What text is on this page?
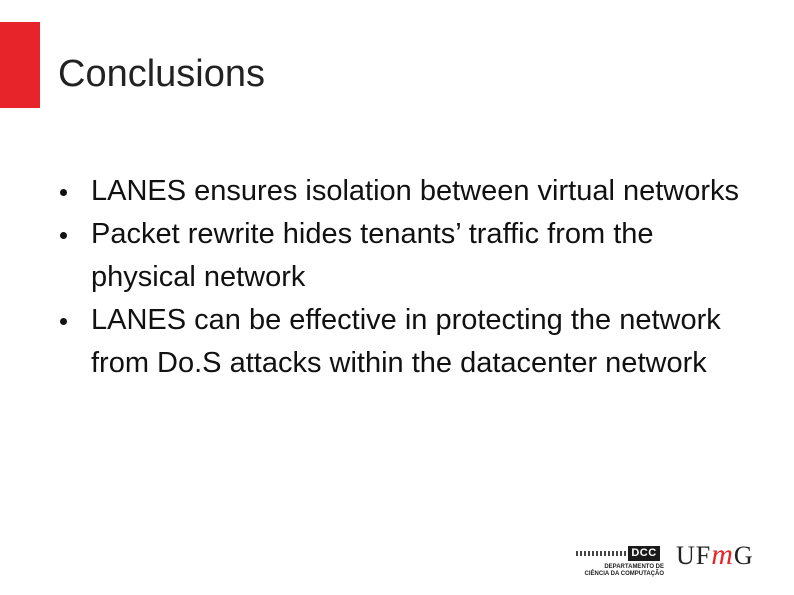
Conclusions
LANES ensures isolation between virtual networks
Packet rewrite hides tenants’ traffic from the physical network
LANES can be effective in protecting the network from Do.S attacks within the datacenter network
DCC
DEPARTAMENTO DE
CIÊNCIA DA COMPUTAÇÃO
UFmG
